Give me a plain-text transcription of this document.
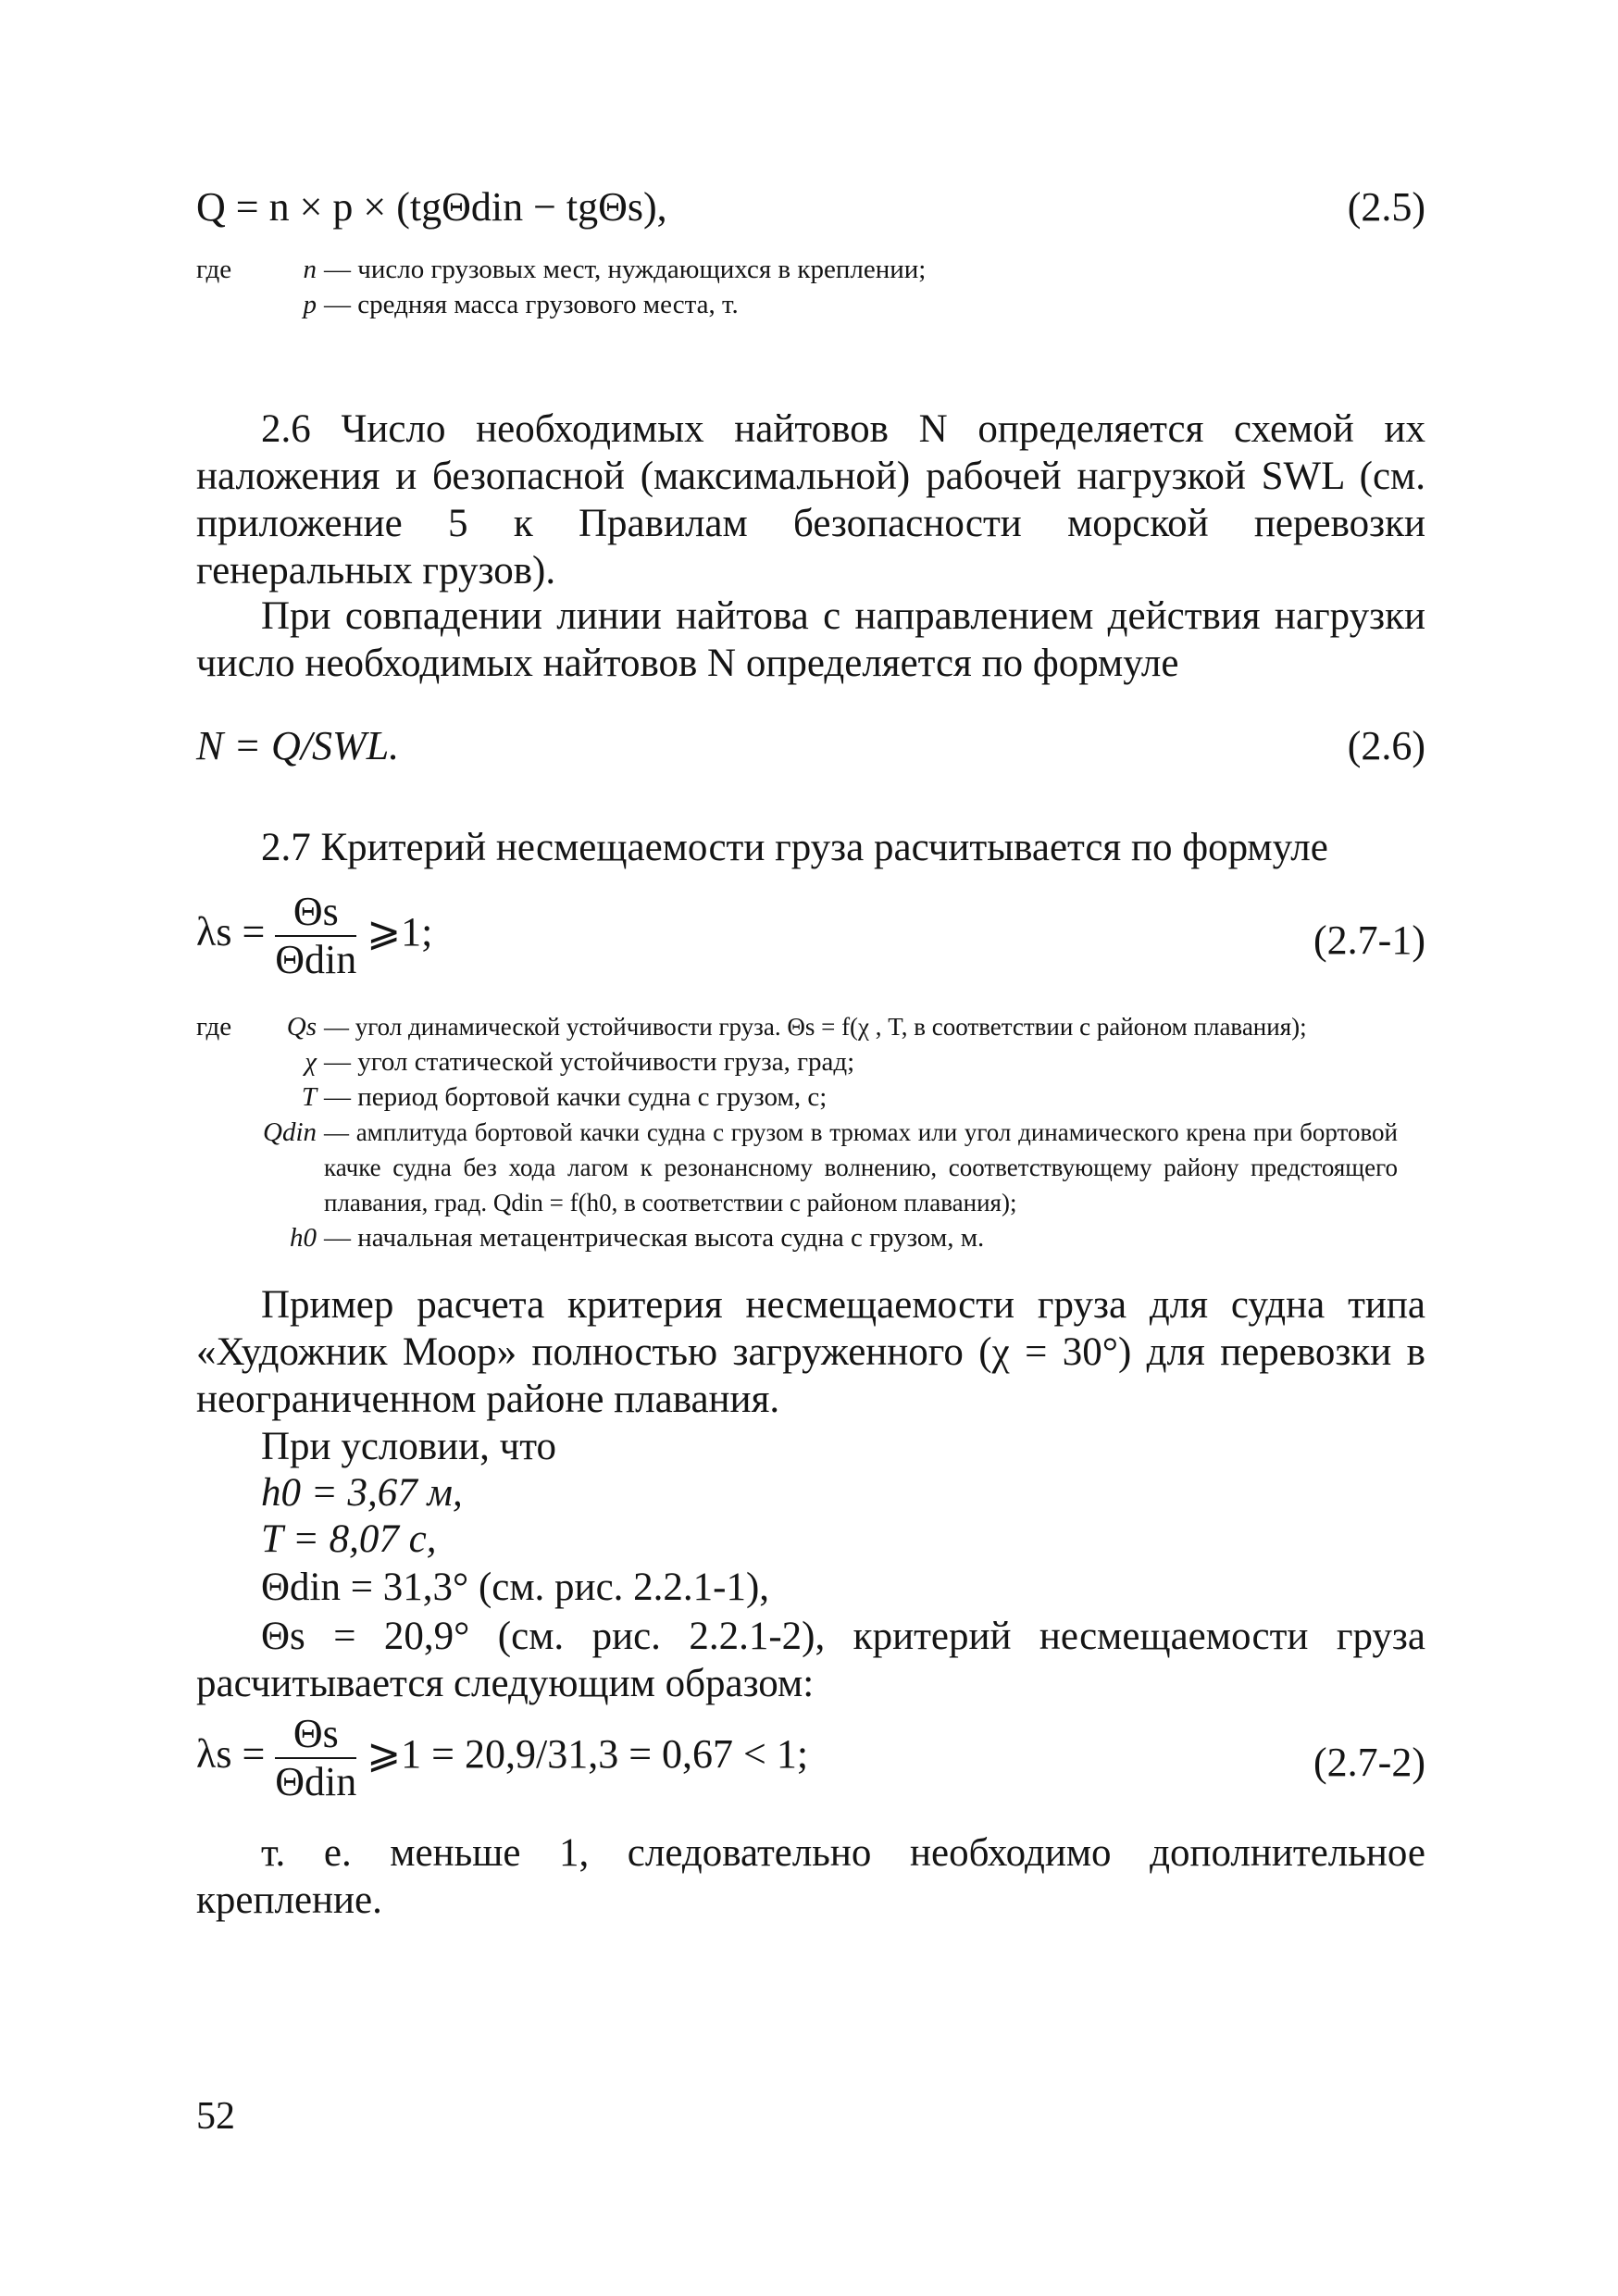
Q = n × p × (tgΘdin − tgΘs),	(2.5)
где	n — число грузовых мест, нуждающихся в креплении;
p — средняя масса грузового места, т.
2.6 Число необходимых найтовов N определяется схемой их наложения и безопасной (максимальной) рабочей нагрузкой SWL (см. приложение 5 к Правилам безопасности морской перевозки генеральных грузов).
При совпадении линии найтова с направлением действия нагрузки число необходимых найтовов N определяется по формуле
N = Q/SWL.	(2.6)
2.7 Критерий несмещаемости груза расчитывается по формуле
$\lambda s = \frac{\Theta s}{\text{Θdin}}$ ⩾1;	(2.7-1)
где	Qs — угол динамической устойчивости груза. Θs = f(χ , T, в соответствии с районом плавания);
χ — угол статической устойчивости груза, град;
T — период бортовой качки судна с грузом, с;
Qdin — амплитуда бортовой качки судна с грузом в трюмах или угол динамического крена при бортовой качке судна без хода лагом к резонансному волнению, соответствующему району предстоящего плавания, град. Qdin = f(h0, в соответствии с районом плавания);
h0 — начальная метацентрическая высота судна с грузом, м.
Пример расчета критерия несмещаемости груза для судна типа «Художник Моор» полностью загруженного (χ = 30°) для перевозки в неограниченном районе плавания.
При условии, что
h0 = 3,67 м,
T = 8,07 с,
Θdin = 31,3° (см. рис. 2.2.1-1),
Θs = 20,9° (см. рис. 2.2.1-2), критерий несмещаемости груза расчитывается следующим образом:
$\lambda s = \frac{\Theta s}{\text{Θdin}}$ ⩾1 = 20,9/31,3 = 0,67 < 1;	(2.7-2)
т. е. меньше 1, следовательно необходимо дополнительное крепление.
52
